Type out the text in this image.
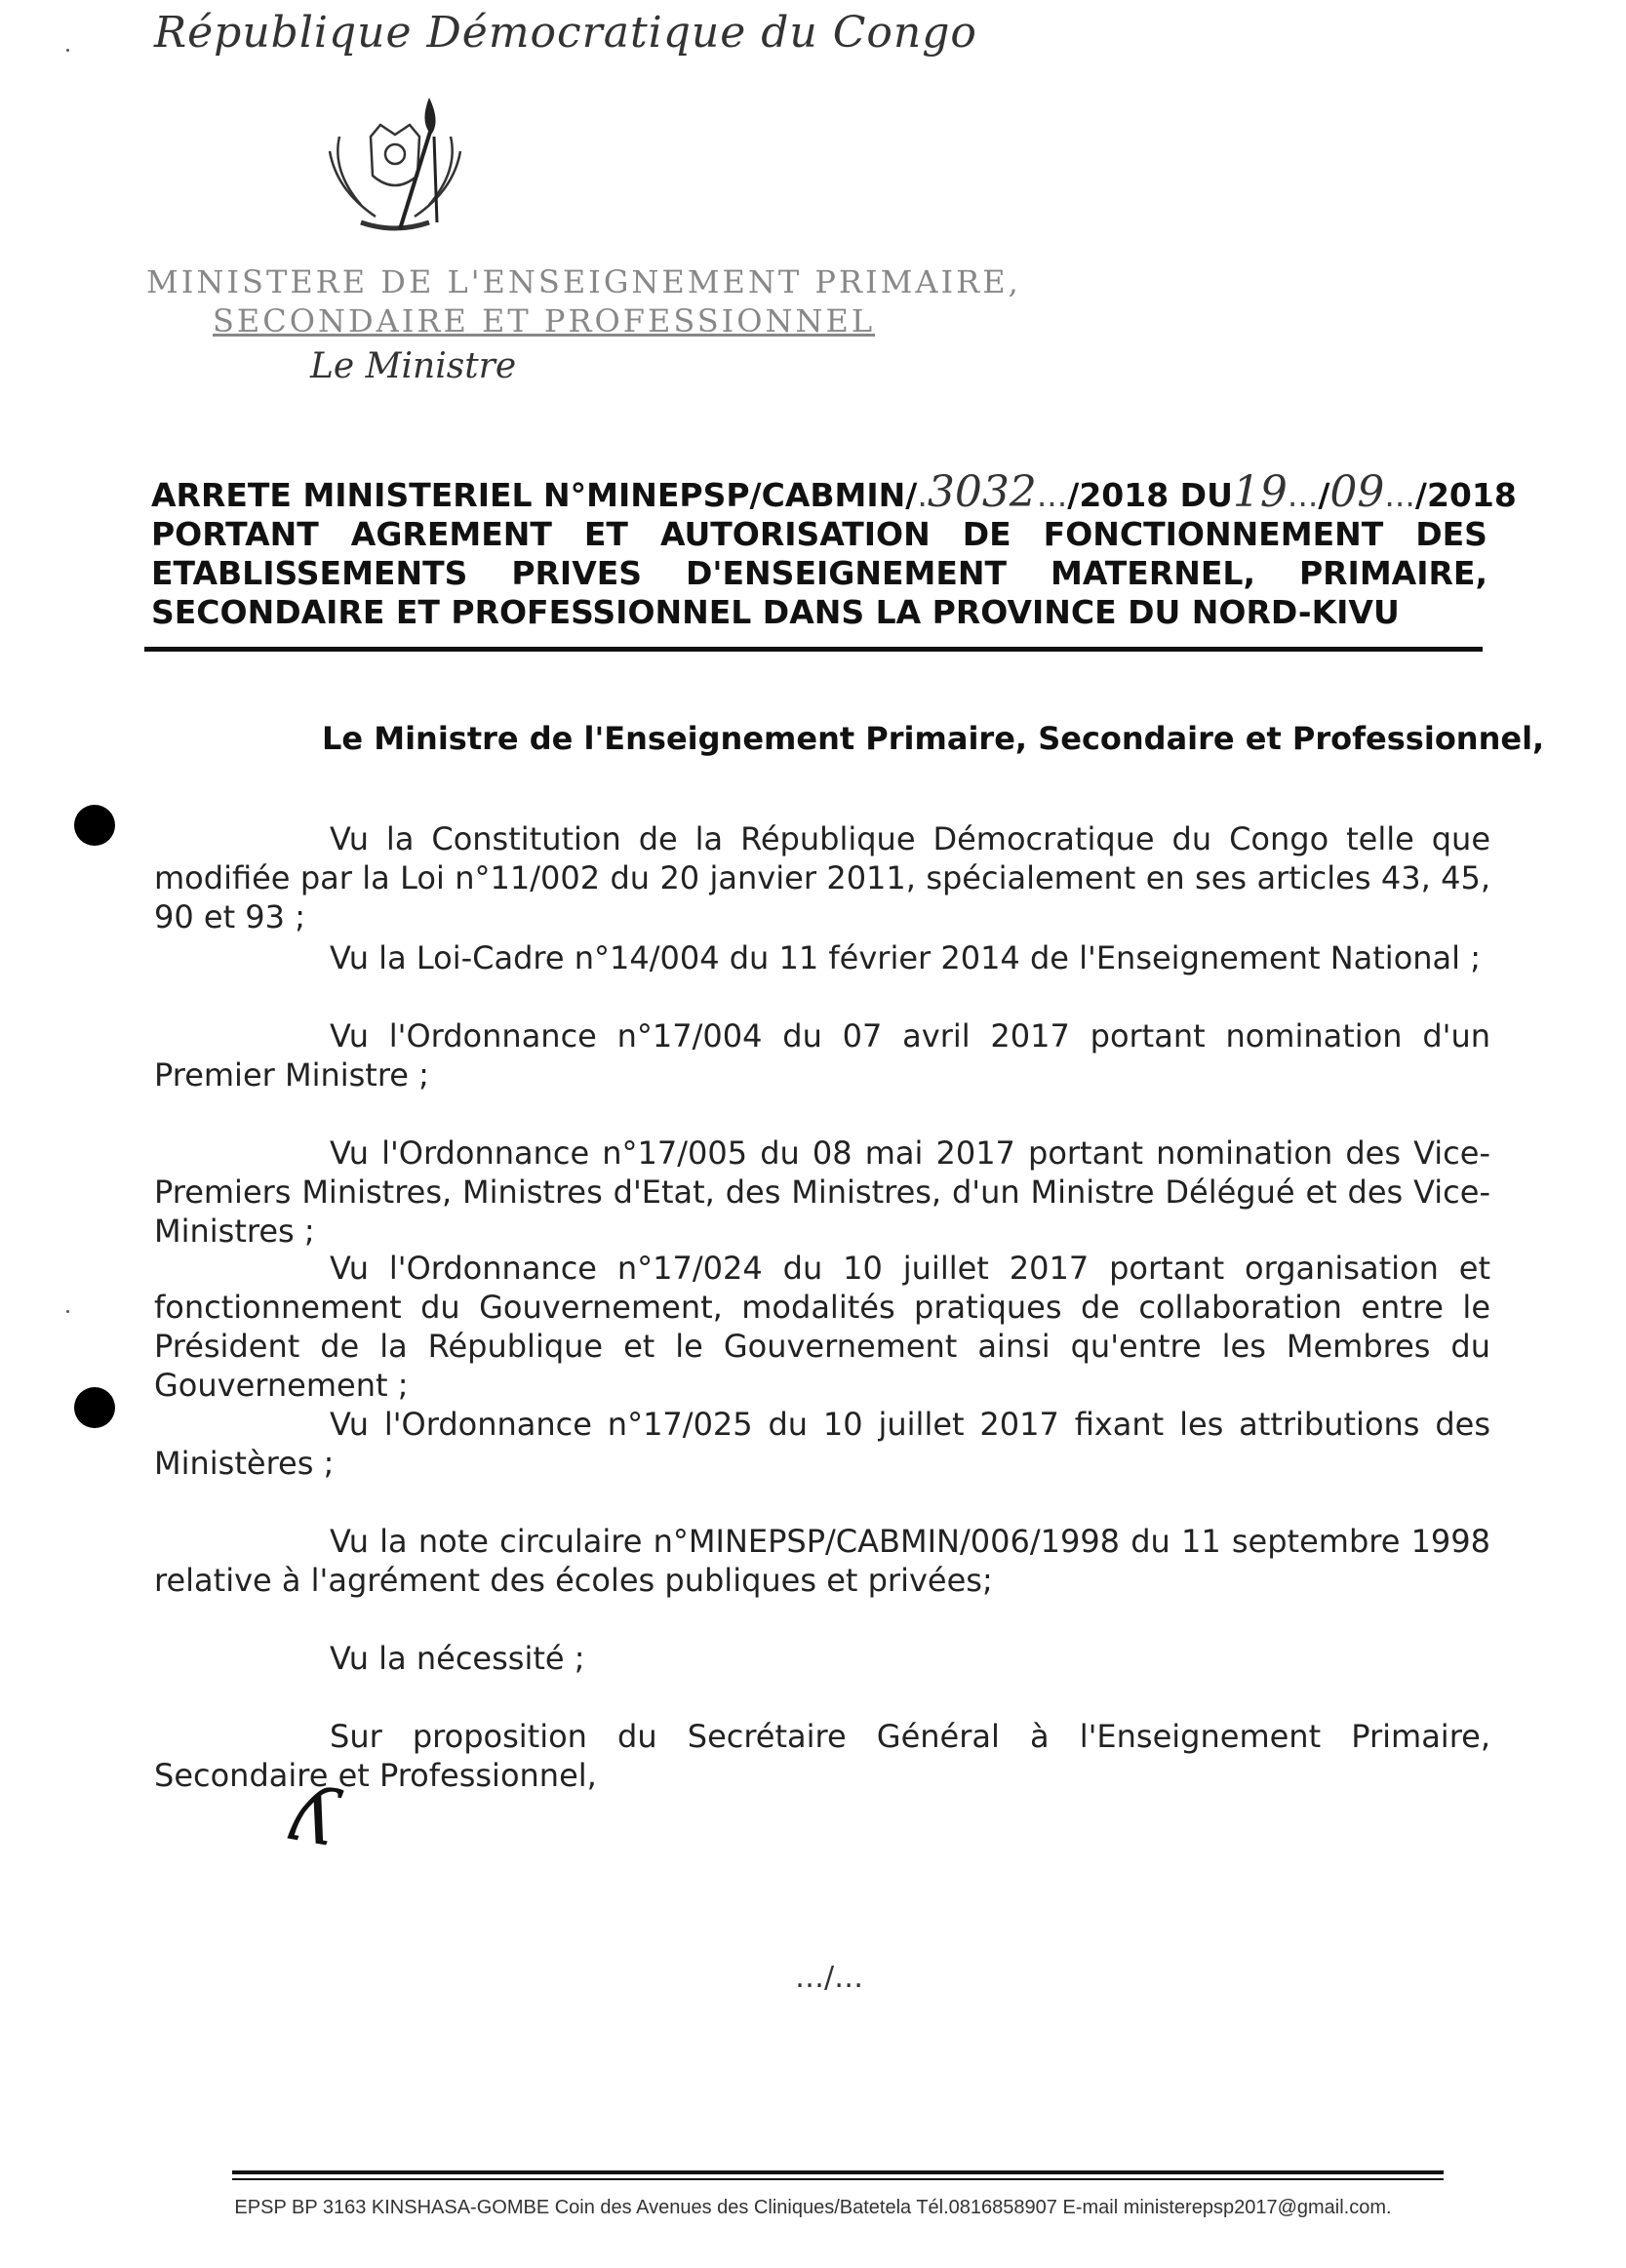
République Démocratique du Congo
MINISTERE DE L'ENSEIGNEMENT PRIMAIRE,
SECONDAIRE ET PROFESSIONNEL
Le Ministre
ARRETE MINISTERIEL N°MINEPSP/CABMIN/.3032.../2018 DU19.../09.../2018
PORTANT AGREMENT ET AUTORISATION DE FONCTIONNEMENT DES
ETABLISSEMENTS PRIVES D'ENSEIGNEMENT MATERNEL, PRIMAIRE,
SECONDAIRE ET PROFESSIONNEL DANS LA PROVINCE DU NORD-KIVU
Le Ministre de l'Enseignement Primaire, Secondaire et Professionnel,
Vu la Constitution de la République Démocratique du Congo telle que modifiée par la Loi n°11/002 du 20 janvier 2011, spécialement en ses articles 43, 45, 90 et 93 ;
Vu la Loi-Cadre n°14/004 du 11 février 2014 de l'Enseignement National ;
Vu l'Ordonnance n°17/004 du 07 avril 2017 portant nomination d'un Premier Ministre ;
Vu l'Ordonnance n°17/005 du 08 mai 2017 portant nomination des Vice-Premiers Ministres, Ministres d'Etat, des Ministres, d'un Ministre Délégué et des Vice-Ministres ;
Vu l'Ordonnance n°17/024 du 10 juillet 2017 portant organisation et fonctionnement du Gouvernement, modalités pratiques de collaboration entre le Président de la République et le Gouvernement ainsi qu'entre les Membres du Gouvernement ;
Vu l'Ordonnance n°17/025 du 10 juillet 2017 fixant les attributions des Ministères ;
Vu la note circulaire n°MINEPSP/CABMIN/006/1998 du 11 septembre 1998 relative à l'agrément des écoles publiques et privées;
Vu la nécessité ;
Sur proposition du Secrétaire Général à l'Enseignement Primaire, Secondaire et Professionnel,
ʎ
…/…
EPSP BP 3163 KINSHASA-GOMBE Coin des Avenues des Cliniques/Batetela Tél.0816858907 E-mail ministerepsp2017@gmail.com.
